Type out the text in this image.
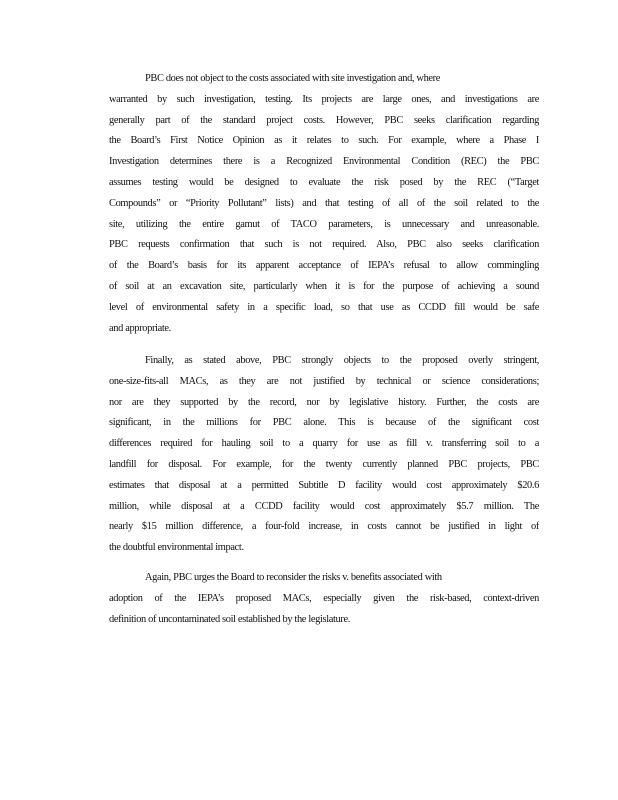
PBC does not object to the costs associated with site investigation and, where
warranted by such investigation, testing. Its projects are large ones, and investigations are
generally part of the standard project costs. However, PBC seeks clarification regarding
the Board’s First Notice Opinion as it relates to such. For example, where a Phase I
Investigation determines there is a Recognized Environmental Condition (REC) the PBC
assumes testing would be designed to evaluate the risk posed by the REC (“Target
Compounds” or “Priority Pollutant” lists) and that testing of all of the soil related to the
site, utilizing the entire gamut of TACO parameters, is unnecessary and unreasonable.
PBC requests confirmation that such is not required. Also, PBC also seeks clarification
of the Board’s basis for its apparent acceptance of IEPA’s refusal to allow commingling
of soil at an excavation site, particularly when it is for the purpose of achieving a sound
level of environmental safety in a specific load, so that use as CCDD fill would be safe
and appropriate.
Finally, as stated above, PBC strongly objects to the proposed overly stringent,
one-size-fits-all MACs, as they are not justified by technical or science considerations;
nor are they supported by the record, nor by legislative history. Further, the costs are
significant, in the millions for PBC alone. This is because of the significant cost
differences required for hauling soil to a quarry for use as fill v. transferring soil to a
landfill for disposal. For example, for the twenty currently planned PBC projects, PBC
estimates that disposal at a permitted Subtitle D facility would cost approximately $20.6
million, while disposal at a CCDD facility would cost approximately $5.7 million. The
nearly $15 million difference, a four-fold increase, in costs cannot be justified in light of
the doubtful environmental impact.
Again, PBC urges the Board to reconsider the risks v. benefits associated with
adoption of the IEPA’s proposed MACs, especially given the risk-based, context-driven
definition of uncontaminated soil established by the legislature.
